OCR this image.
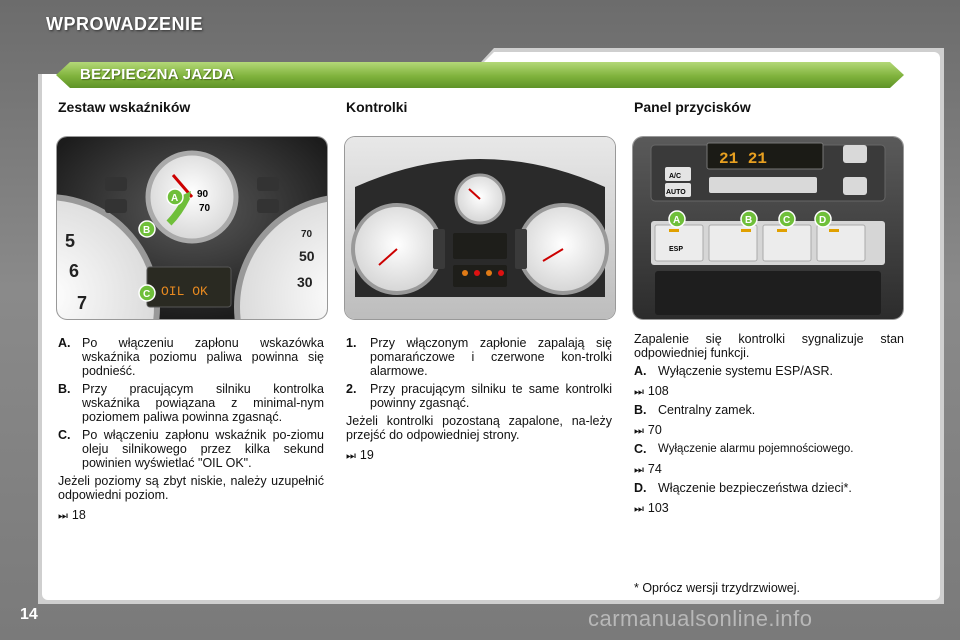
WPROWADZENIE
BEZPIECZNA JAZDA
Zestaw wskaźników	Kontrolki	Panel przycisków
90
70
5
6
7
70
50
30
OIL OK
A
B
C
21 21
A/C
AUTO
ESP
A	B	C	D
A. Po włączeniu zapłonu wskazówka wskaźnika poziomu paliwa powinna się podnieść.
B. Przy pracującym silniku kontrolka wskaźnika powiązana z minimal-nym poziomem paliwa powinna zgasnąć.
C. Po włączeniu zapłonu wskaźnik po-ziomu oleju silnikowego przez kilka sekund powinien wyświetlać "OIL OK".
Jeżeli poziomy są zbyt niskie, należy uzupełnić odpowiedni poziom.
⏭ 18
1.	Przy włączonym zapłonie zapalają się pomarańczowe i czerwone kon-trolki alarmowe.
2.	Przy pracującym silniku te same kontrolki powinny zgasnąć.
Jeżeli kontrolki pozostaną zapalone, na-leży przejść do odpowiedniej strony.
⏭ 19
Zapalenie się kontrolki sygnalizuje stan odpowiedniej funkcji.
A. Wyłączenie systemu ESP/ASR.
⏭ 108
B. Centralny zamek.
⏭ 70
C.	Wyłączenie alarmu pojemnościowego.
⏭ 74
D. Włączenie bezpieczeństwa dzieci*.
⏭ 103
* Oprócz wersji trzydrzwiowej.
14	carmanualsonline.info
